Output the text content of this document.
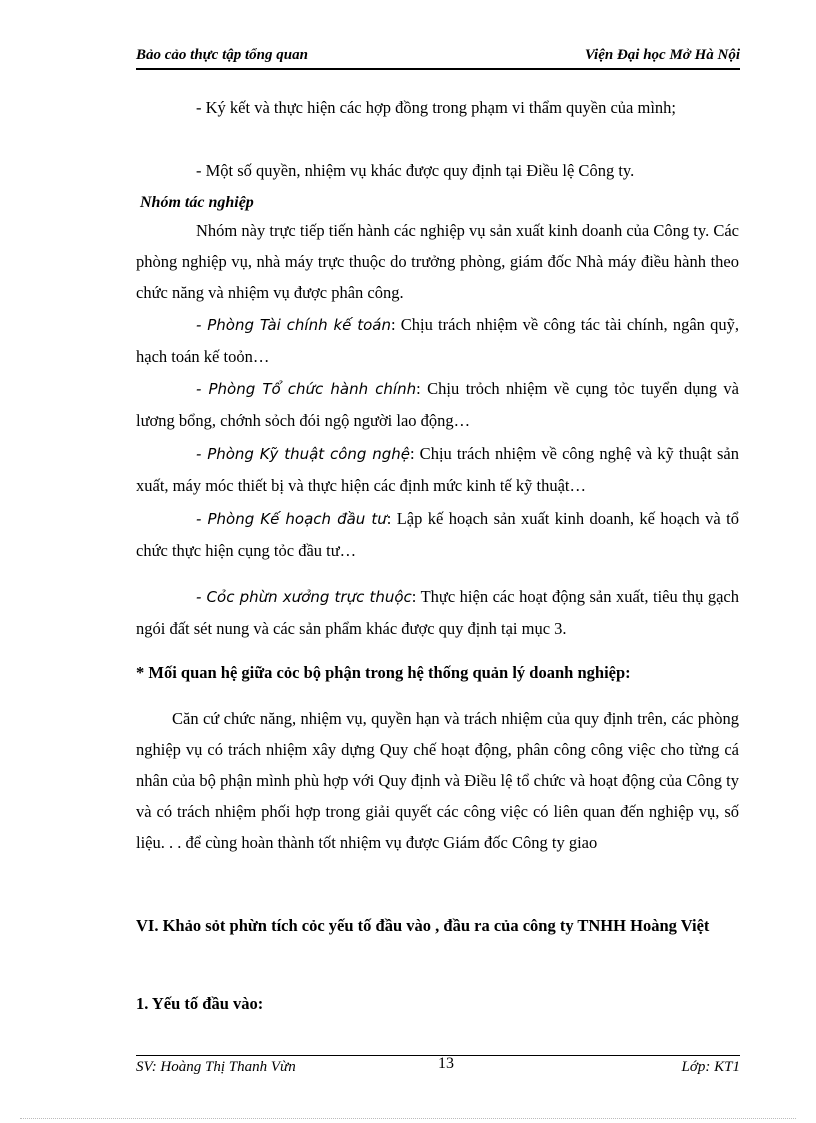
Bảo cảo thực tập tổng quan	Viện Đại học Mở Hà Nội

- Ký kết và thực hiện các hợp đồng trong phạm vi thẩm quyền của mình;

- Một số quyền, nhiệm vụ khác được quy định tại Điều lệ Công ty.

Nhóm tác nghiệp

Nhóm này trực tiếp tiến hành các nghiệp vụ sản xuất kinh doanh của Công ty. Các phòng nghiệp vụ, nhà máy trực thuộc do trưởng phòng, giám đốc Nhà máy điều hành theo chức năng và nhiệm vụ được phân công.

- Phòng Tài chính kế toán: Chịu trách nhiệm về công tác tài chính, ngân quỹ, hạch toán kế toỏn…

- Phòng Tổ chức hành chính: Chịu trỏch nhiệm về cụng tỏc tuyển dụng và lương bổng, chớnh sỏch đói ngộ người lao động…

- Phòng Kỹ thuật công nghệ: Chịu trách nhiệm về công nghệ và kỹ thuật sản xuất, máy móc thiết bị và thực hiện các định mức kinh tế kỹ thuật…

- Phòng Kế hoạch đầu tư: Lập kế hoạch sản xuất kinh doanh, kế hoạch và tổ chức thực hiện cụng tỏc đầu tư…

- Cỏc phừn xưởng trực thuộc: Thực hiện các hoạt động sản xuất, tiêu thụ gạch ngói đất sét nung và các sản phẩm khác được quy định tại mục 3.

* Mối quan hệ giữa cỏc bộ phận trong hệ thống quản lý doanh nghiệp:

Căn cứ chức năng, nhiệm vụ, quyền hạn và trách nhiệm của quy định trên, các phòng nghiệp vụ có trách nhiệm xây dựng Quy chế hoạt động, phân công công việc cho từng cá nhân của bộ phận mình phù hợp với Quy định và Điều lệ tổ chức và hoạt động của Công ty và có trách nhiệm phối hợp trong giải quyết các công việc có liên quan đến nghiệp vụ, số liệu. . . để cùng hoàn thành tốt nhiệm vụ được Giám đốc Công ty giao

VI. Khảo sỏt phừn tích cỏc yếu tố đầu vào , đầu ra của công ty TNHH Hoàng Việt

1. Yếu tố đầu vào:

SV: Hoàng Thị Thanh Vừn	13	Lớp: KT1
